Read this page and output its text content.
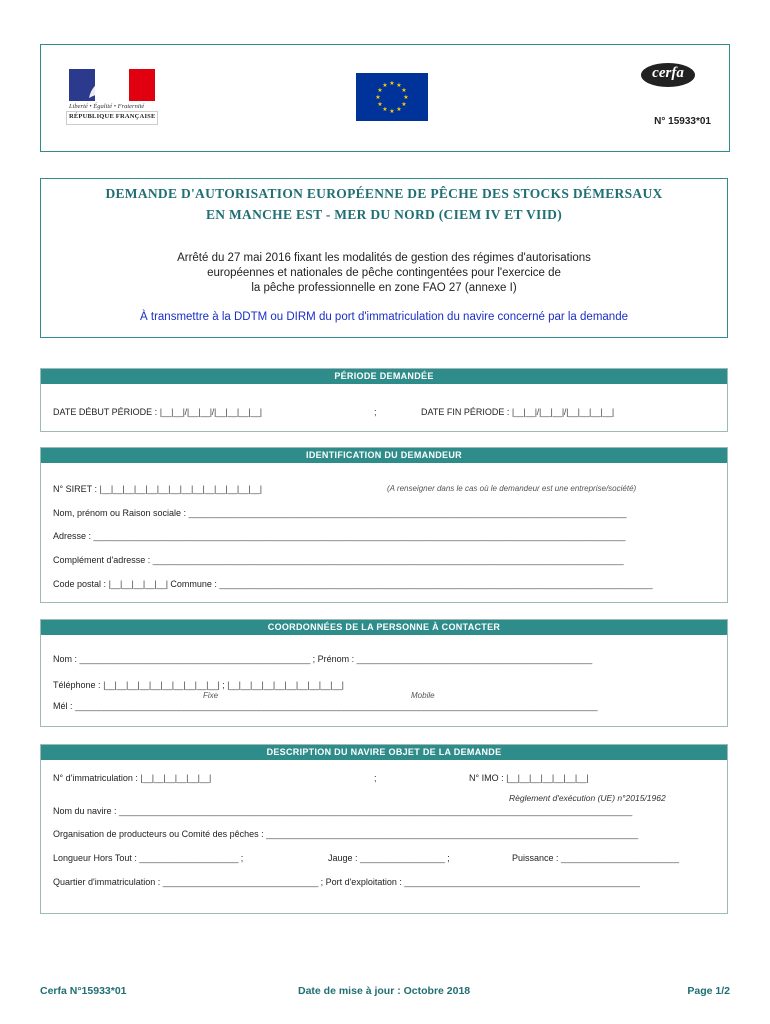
Liberté • Égalité • Fraternité
RÉPUBLIQUE FRANÇAISE
★ ★
★
★
★
★
★
★
★
★
★
★
cerfa
N° 15933*01
DEMANDE D'AUTORISATION EUROPÉENNE DE PÊCHE DES STOCKS DÉMERSAUX
EN MANCHE EST - MER DU NORD (CIEM IV ET VIID)
Arrêté du 27 mai 2016 fixant les modalités de gestion des régimes d'autorisations
européennes et nationales de pêche contingentées pour l'exercice de
la pêche professionnelle en zone FAO 27 (annexe I)
À transmettre à la DDTM ou DIRM du port d'immatriculation du navire concerné par la demande
PÉRIODE DEMANDÉE
DATE DÉBUT PÉRIODE : |__|__|/|__|__|/|__|__|__|__|	;	DATE FIN PÉRIODE : |__|__|/|__|__|/|__|__|__|__|
IDENTIFICATION DU DEMANDEUR
N° SIRET : |__|__|__|__|__|__|__|__|__|__|__|__|__|__|	(A renseigner dans le cas où le demandeur est une entreprise/société)
Nom, prénom ou Raison sociale : _____________________________________________________________________________________________
Adresse : _________________________________________________________________________________________________________________
Complément d'adresse : ____________________________________________________________________________________________________
Code postal : |__|__|__|__|__| Commune : ____________________________________________________________________________________________
COORDONNÉES DE LA PERSONNE À CONTACTER
Nom : _________________________________________________ ; Prénom : __________________________________________________
Téléphone : |__|__|__|__|__|__|__|__|__|__| ; |__|__|__|__|__|__|__|__|__|__|
Fixe	Mobile
Mél : _______________________________________________________________________________________________________________
DESCRIPTION DU NAVIRE OBJET DE LA DEMANDE
N° d'immatriculation : |__|__|__|__|__|__|	;	N° IMO : |__|__|__|__|__|__|__|
Règlement d'exécution (UE) n°2015/1962
Nom du navire : _____________________________________________________________________________________________________________
Organisation de producteurs ou Comité des pêches : _______________________________________________________________________________
Longueur Hors Tout : _____________________ ;	Jauge : __________________ ;	Puissance : _________________________
Quartier d'immatriculation : _________________________________ ; Port d'exploitation : __________________________________________________
Cerfa N°15933*01	Date de mise à jour : Octobre 2018	Page 1/2
